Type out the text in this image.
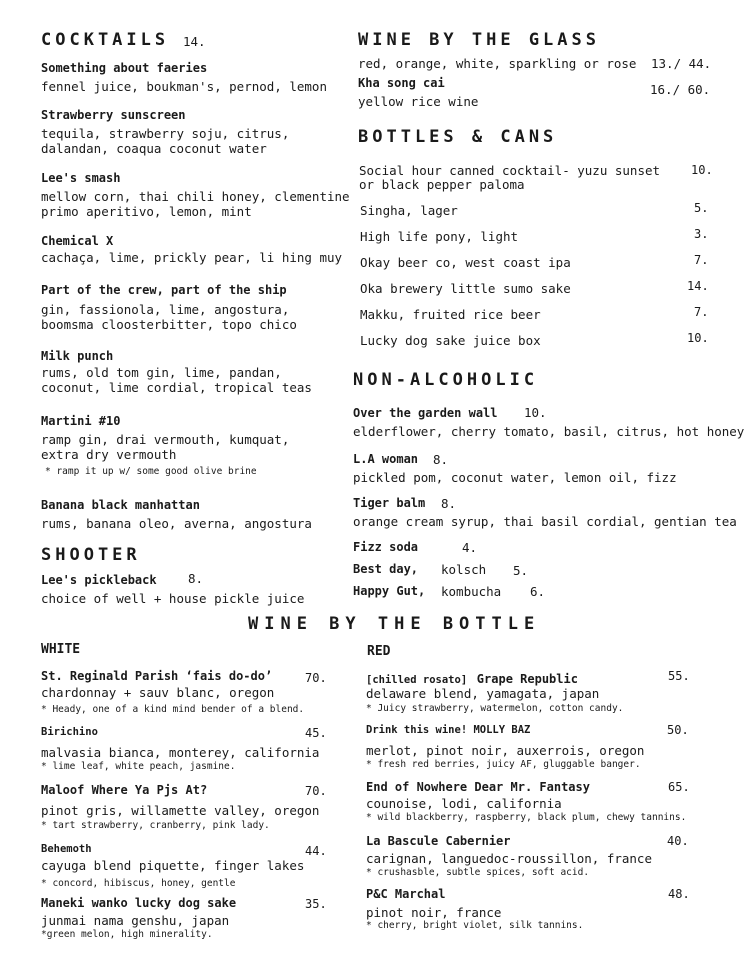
COCKTAILS 14.
Something about faeries
fennel juice, boukman's, pernod, lemon
Strawberry sunscreen
tequila, strawberry soju, citrus,
dalandan, coaqua coconut water
Lee's smash
mellow corn, thai chili honey, clementine
primo aperitivo, lemon, mint
Chemical X
cachaça, lime, prickly pear, li hing muy
Part of the crew, part of the ship
gin, fassionola, lime, angostura,
boomsma cloosterbitter, topo chico
Milk punch
rums, old tom gin, lime, pandan,
coconut, lime cordial, tropical teas
Martini #10
ramp gin, drai vermouth, kumquat,
extra dry vermouth
* ramp it up w/ some good olive brine
Banana black manhattan
rums, banana oleo, averna, angostura
SHOOTER
Lee's pickleback	8.
choice of well + house pickle juice
WINE BY THE GLASS
red, orange, white, sparkling or rose 13./ 44.
Kha song cai	16./ 60.
yellow rice wine
BOTTLES & CANS
Social hour canned cocktail- yuzu sunset
or black pepper paloma
10.
Singha, lager	5.
High life pony, light	3.
Okay beer co, west coast ipa	7.
Oka brewery little sumo sake	14.
Makku, fruited rice beer	7.
Lucky dog sake juice box	10.
NON-ALCOHOLIC
Over the garden wall 10.
elderflower, cherry tomato, basil, citrus, hot honey
L.A woman 8.
pickled pom, coconut water, lemon oil, fizz
Tiger balm 8.
orange cream syrup, thai basil cordial, gentian tea
Fizz soda	4.
Best day, kolsch 5.
Happy Gut, kombucha 6.
WINE BY THE BOTTLE
WHITE
St. Reginald Parish ‘fais do-do’	70.
chardonnay + sauv blanc, oregon
* Heady, one of a kind mind bender of a blend.
Birichino	45.
malvasia bianca, monterey, california
* lime leaf, white peach, jasmine.
Maloof Where Ya Pjs At?	70.
pinot gris, willamette valley, oregon
* tart strawberry, cranberry, pink lady.
Behemoth	44.
cayuga blend piquette, finger lakes
* concord, hibiscus, honey, gentle
Maneki wanko lucky dog sake	35.
junmai nama genshu, japan
*green melon, high minerality.
RED
[chilled rosato] Grape Republic	55.
delaware blend, yamagata, japan
* Juicy strawberry, watermelon, cotton candy.
Drink this wine! MOLLY BAZ	50.
merlot, pinot noir, auxerrois, oregon
* fresh red berries, juicy AF, gluggable banger.
End of Nowhere Dear Mr. Fantasy	65.
counoise, lodi, california
* wild blackberry, raspberry, black plum, chewy tannins.
La Bascule Cabernier	40.
carignan, languedoc-roussillon, france
* crushasble, subtle spices, soft acid.
P&C Marchal	48.
pinot noir, france
* cherry, bright violet, silk tannins.
